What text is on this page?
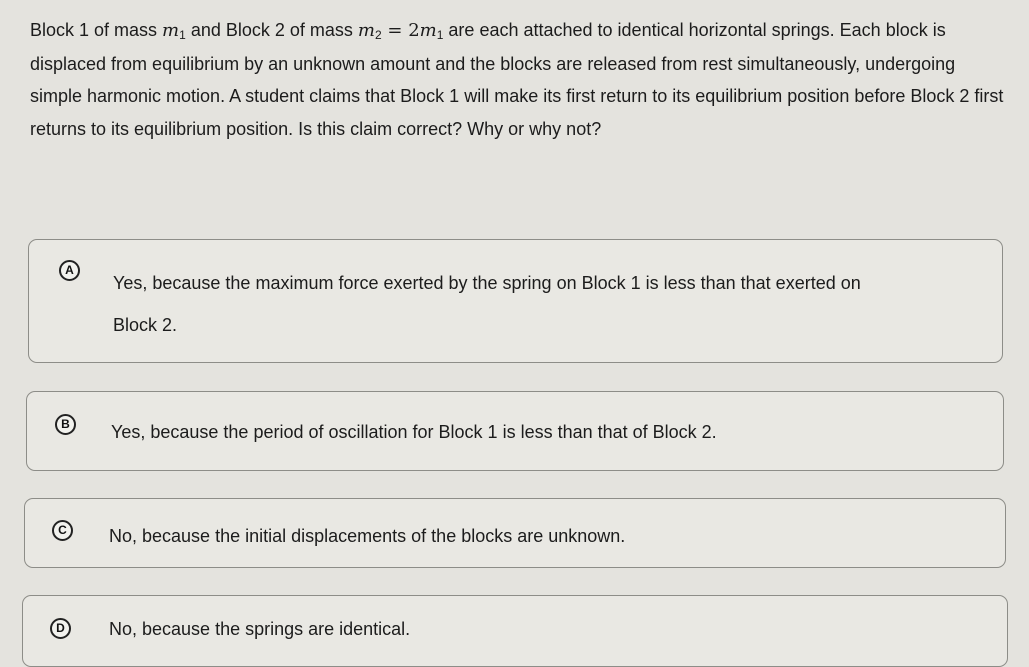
Block 1 of mass $m_1$ and Block 2 of mass $m_2 = 2m_1$ are each attached to identical horizontal springs. Each block is displaced from equilibrium by an unknown amount and the blocks are released from rest simultaneously, undergoing simple harmonic motion. A student claims that Block 1 will make its first return to its equilibrium position before Block 2 first returns to its equilibrium position. Is this claim correct? Why or why not?
A
Yes, because the maximum force exerted by the spring on Block 1 is less than that exerted on Block 2.
B	Yes, because the period of oscillation for Block 1 is less than that of Block 2.
C	No, because the initial displacements of the blocks are unknown.
D	No, because the springs are identical.
